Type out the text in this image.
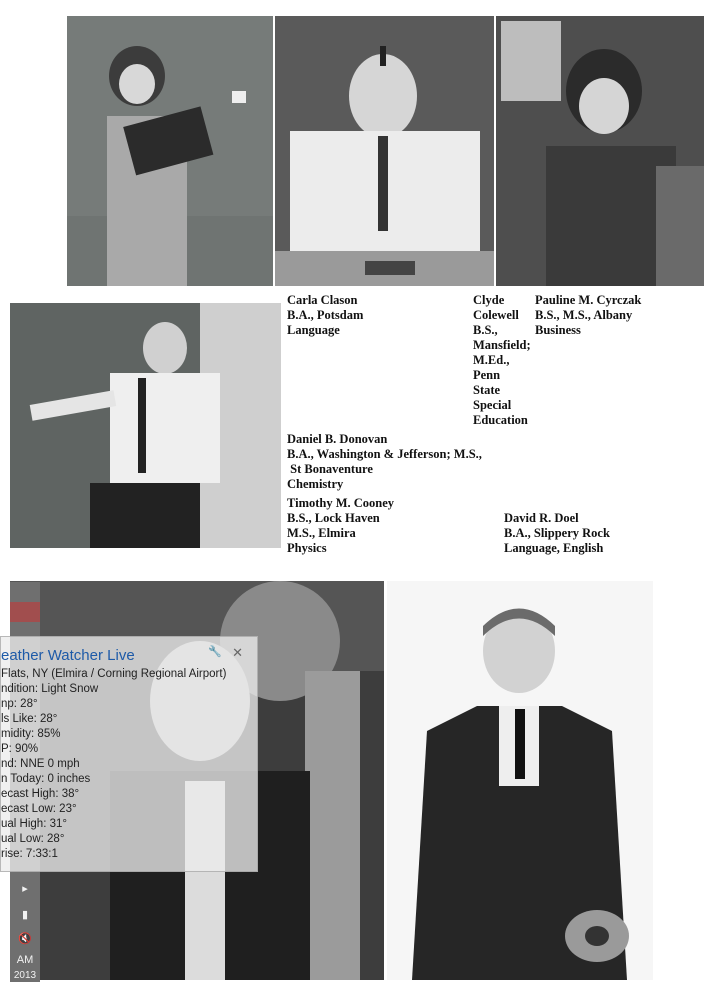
Carla Clason
B.A., Potsdam
Language
Clyde
Colewell
B.S.,
Mansfield;
M.Ed.,
Penn
State
Special
Education
Pauline M. Cyrczak
B.S., M.S., Albany
Business
Daniel B. Donovan
B.A., Washington & Jefferson; M.S.,
St Bonaventure
Chemistry
Timothy M. Cooney
B.S., Lock Haven
M.S., Elmira
Physics
David R. Doel
B.A., Slippery Rock
Language, English
▸
▮
🔇
AM
2013
eather Watcher Live	🔧 ✕
Flats, NY (Elmira / Corning Regional Airport)
ndition: Light Snow
np: 28°
ls Like: 28°
midity: 85%
P: 90%
nd: NNE 0 mph
n Today: 0 inches
ecast High: 38°
ecast Low: 23°
ual High: 31°
ual Low: 28°
rise: 7:33:1
